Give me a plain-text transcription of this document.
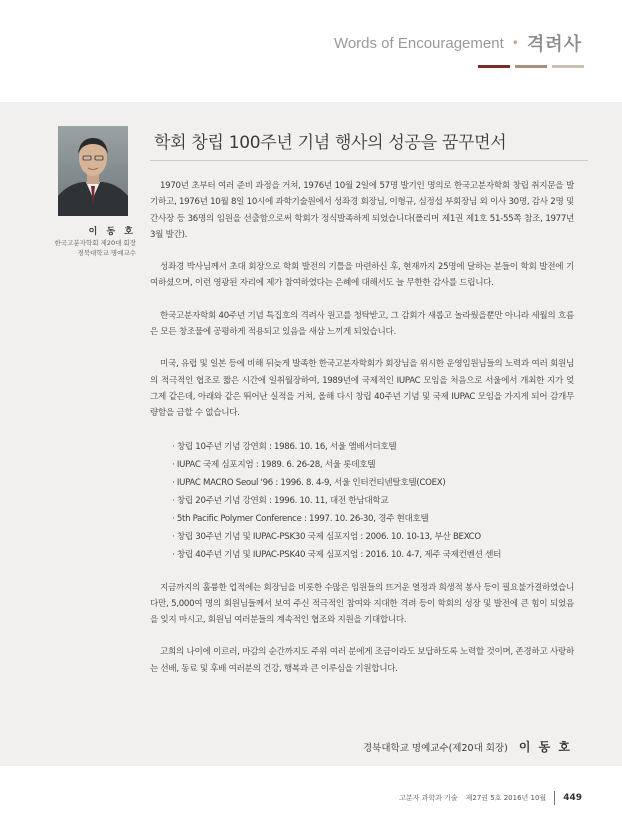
Words of Encouragement • 격려사
이 동 호
한국고분자학회 제20대 회장
경북대학교 명예교수
학회 창립 100주년 기념 행사의 성공을 꿈꾸면서

1970년 초부터 여러 준비 과정을 거쳐, 1976년 10월 2일에 57명 발기인 명의로 한국고분자학회 창립 취지문을 발기하고, 1976년 10월 8일 10시에 과학기술원에서 성좌경 회장님, 이형규, 심정섭 부회장님 외 이사 30명, 감사 2명 및 간사장 등 36명의 임원을 선출함으로써 학회가 정식발족하게 되었습니다(폴리머 제1권 제1호 51-55쪽 참조, 1977년 3월 발간).

성좌경 박사님께서 초대 회장으로 학회 발전의 기틀을 마련하신 후, 현재까지 25명에 달하는 분들이 학회 발전에 기여하셨으며, 이런 영광된 자리에 제가 참여하였다는 은혜에 대해서도 늘 무한한 감사를 드립니다.

한국고분자학회 40주년 기념 특집호의 격려사 원고를 청탁받고, 그 감회가 새롭고 놀라웠을뿐만 아니라 세월의 흐름은 모든 창조물에 공평하게 적용되고 있음을 새삼 느끼게 되었습니다.

미국, 유럽 및 일본 등에 비해 뒤늦게 발족한 한국고분자학회가 회장님을 위시한 운영임원님들의 노력과 여러 회원님의 적극적인 협조로 짧은 시간에 일취월장하여, 1989년에 국제적인 IUPAC 모임을 처음으로 서울에서 개최한 지가 엊그제 같은데, 아래와 같은 뛰어난 실적을 거쳐, 올해 다시 창립 40주년 기념 및 국제 IUPAC 모임을 가지게 되어 감개무량함을 금할 수 없습니다.

· 창립 10주년 기념 강연회 : 1986. 10. 16, 서울 앰배서더호텔
· IUPAC 국제 심포지엄 : 1989. 6. 26-28, 서울 롯데호텔
· IUPAC MACRO Seoul '96 : 1996. 8. 4-9, 서울 인터컨티넨탈호텔(COEX)
· 창립 20주년 기념 강연회 : 1996. 10. 11, 대전 한남대학교
· 5th Pacific Polymer Conference : 1997. 10. 26-30, 경주 현대호텔
· 창립 30주년 기념 및 IUPAC-PSK30 국제 심포지엄 : 2006. 10. 10-13, 부산 BEXCO
· 창립 40주년 기념 및 IUPAC-PSK40 국제 심포지엄 : 2016. 10. 4-7, 제주 국제컨벤션 센터

지금까지의 훌륭한 업적에는 회장님을 비롯한 수많은 임원들의 뜨거운 열정과 희생적 봉사 등이 필요불가결하였습니다만, 5,000여 명의 회원님들께서 보여 주신 적극적인 참여와 지대한 격려 등이 학회의 성장 및 발전에 큰 힘이 되었음을 잊지 마시고, 회원님 여러분들의 계속적인 협조와 지원을 기대합니다.

고희의 나이에 이르러, 마감의 순간까지도 주위 여러 분에게 조금이라도 보답하도록 노력할 것이며, 존경하고 사랑하는 선배, 동료 및 후배 여러분의 건강, 행복과 큰 이루심을 기원합니다.

경북대학교 명예교수(제20대 회장) 이 동 호
고분자 과학과 기술 제27권 5호 2016년 10월 449
